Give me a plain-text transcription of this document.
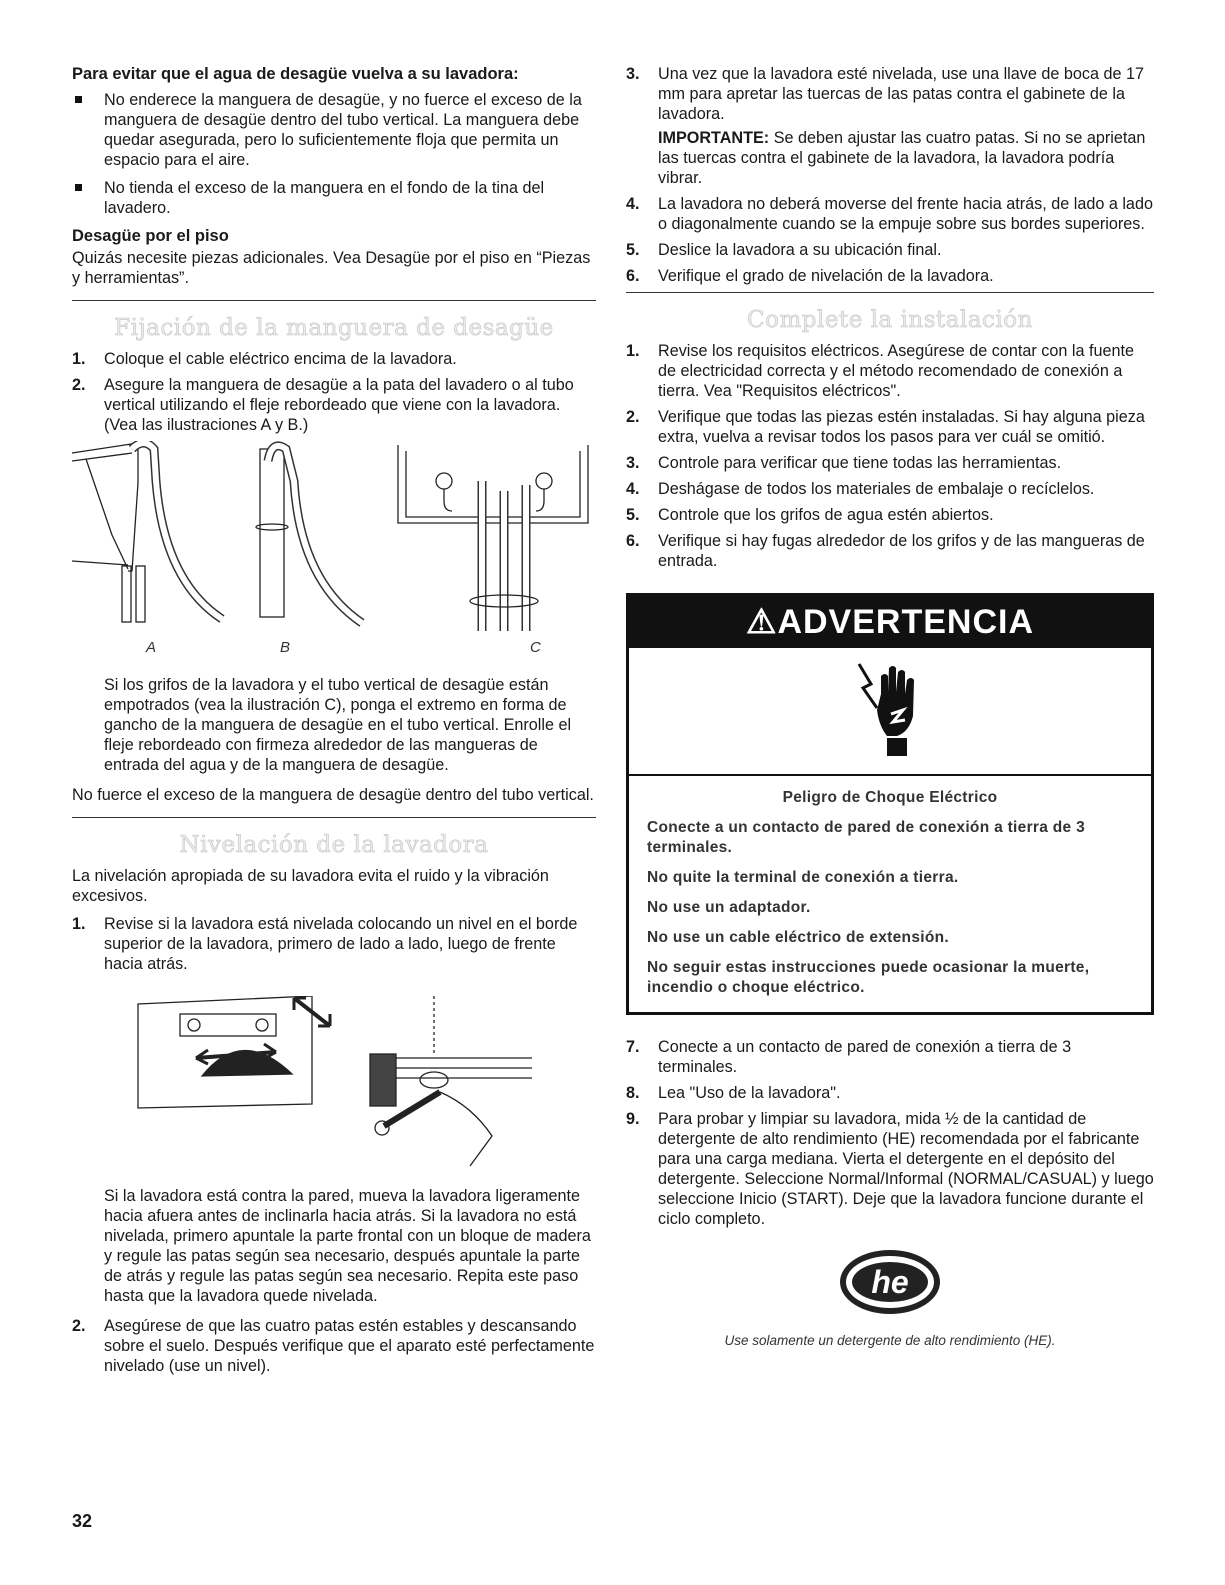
Para evitar que el agua de desagüe vuelva a su lavadora:

No enderece la manguera de desagüe, y no fuerce el exceso de la manguera de desagüe dentro del tubo vertical. La manguera debe quedar asegurada, pero lo suficientemente floja que permita un espacio para el aire.
No tienda el exceso de la manguera en el fondo de la tina del lavadero.

Desagüe por el piso

Quizás necesite piezas adicionales. Vea Desagüe por el piso en “Piezas y herramientas”.

Fijación de la manguera de desagüe
1. Coloque el cable eléctrico encima de la lavadora.
2. Asegure la manguera de desagüe a la pata del lavadero o al tubo vertical utilizando el fleje rebordeado que viene con la lavadora. (Vea las ilustraciones A y B.)
A	B	C

Si los grifos de la lavadora y el tubo vertical de desagüe están empotrados (vea la ilustración C), ponga el extremo en forma de gancho de la manguera de desagüe en el tubo vertical. Enrolle el fleje rebordeado con firmeza alrededor de las mangueras de entrada del agua y de la manguera de desagüe.

No fuerce el exceso de la manguera de desagüe dentro del tubo vertical.

Nivelación de la lavadora

La nivelación apropiada de su lavadora evita el ruido y la vibración excesivos.

1. Revise si la lavadora está nivelada colocando un nivel en el borde superior de la lavadora, primero de lado a lado, luego de frente hacia atrás.

Si la lavadora está contra la pared, mueva la lavadora ligeramente hacia afuera antes de inclinarla hacia atrás. Si la lavadora no está nivelada, primero apuntale la parte frontal con un bloque de madera y regule las patas según sea necesario, después apuntale la parte de atrás y regule las patas según sea necesario. Repita este paso hasta que la lavadora quede nivelada.

2. Asegúrese de que las cuatro patas estén estables y descansando sobre el suelo. Después verifique que el aparato esté perfectamente nivelado (use un nivel).
3. Una vez que la lavadora esté nivelada, use una llave de boca de 17 mm para apretar las tuercas de las patas contra el gabinete de la lavadora.

IMPORTANTE: Se deben ajustar las cuatro patas. Si no se aprietan las tuercas contra el gabinete de la lavadora, la lavadora podría vibrar.

4. La lavadora no deberá moverse del frente hacia atrás, de lado a lado o diagonalmente cuando se la empuje sobre sus bordes superiores.
5. Deslice la lavadora a su ubicación final.
6. Verifique el grado de nivelación de la lavadora.
Complete la instalación
1. Revise los requisitos eléctricos. Asegúrese de contar con la fuente de electricidad correcta y el método recomendado de conexión a tierra. Vea "Requisitos eléctricos".
2. Verifique que todas las piezas estén instaladas. Si hay alguna pieza extra, vuelva a revisar todos los pasos para ver cuál se omitió.
3. Controle para verificar que tiene todas las herramientas.
4. Deshágase de todos los materiales de embalaje o recíclelos.
5. Controle que los grifos de agua estén abiertos.
6. Verifique si hay fugas alrededor de los grifos y de las mangueras de entrada.
⚠ADVERTENCIA
Peligro de Choque Eléctrico
Conecte a un contacto de pared de conexión a tierra de 3 terminales.
No quite la terminal de conexión a tierra.
No use un adaptador.
No use un cable eléctrico de extensión.
No seguir estas instrucciones puede ocasionar la muerte, incendio o choque eléctrico.
7. Conecte a un contacto de pared de conexión a tierra de 3 terminales.
8. Lea "Uso de la lavadora".
9. Para probar y limpiar su lavadora, mida ½ de la cantidad de detergente de alto rendimiento (HE) recomendada por el fabricante para una carga mediana. Vierta el detergente en el depósito del detergente. Seleccione Normal/Informal (NORMAL/CASUAL) y luego seleccione Inicio (START). Deje que la lavadora funcione durante el ciclo completo.
he
Use solamente un detergente de alto rendimiento (HE).
32
